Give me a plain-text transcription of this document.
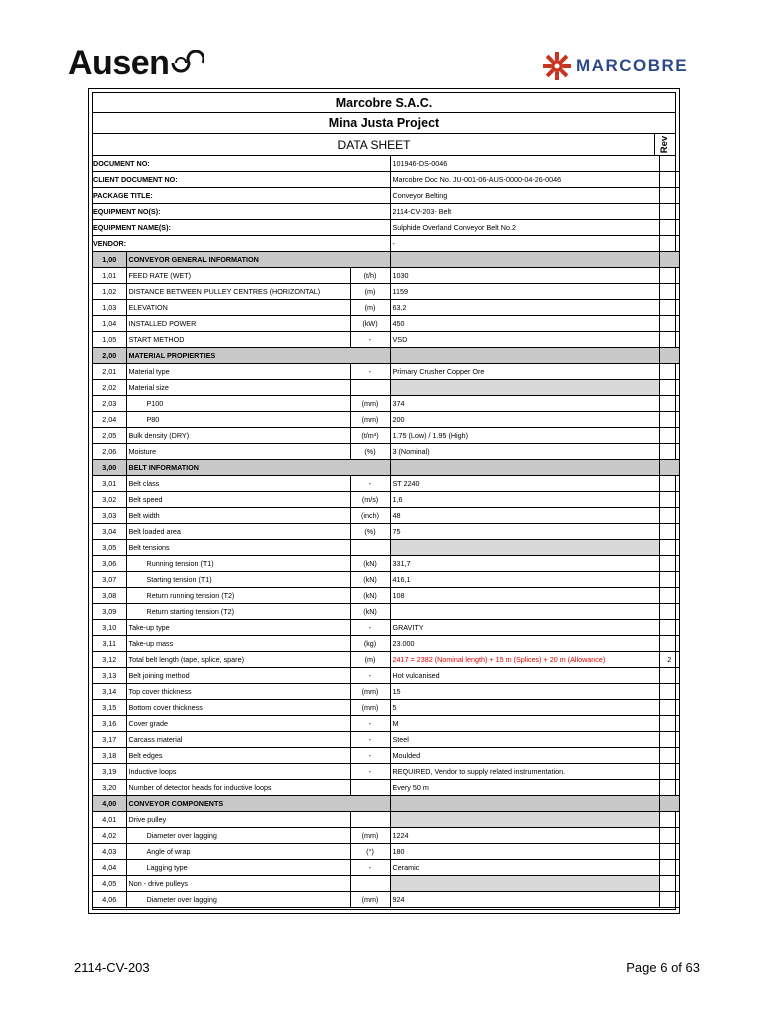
Ausen	MARCOBRE
Marcobre S.A.C.
Mina Justa Project
DATA SHEET	Rev
DOCUMENT NO:			101946-DS-0046	
CLIENT DOCUMENT NO:			Marcobre Doc No. JU-001-06-AUS-0000-04-26-0046	
PACKAGE TITLE:			Conveyor Belting	
EQUIPMENT NO(S):			2114-CV-203- Belt	
EQUIPMENT NAME(S):			Sulphide Overland Conveyor Belt No.2	
VENDOR:			-	
1,00	CONVEYOR GENERAL INFORMATION			
1,01	FEED RATE (WET)	(t/h)	1030	
1,02	DISTANCE BETWEEN PULLEY CENTRES (HORIZONTAL)	(m)	1159	
1,03	ELEVATION	(m)	63,2	
1,04	INSTALLED POWER	(kW)	450	
1,05	START METHOD	-	VSD	
2,00	MATERIAL PROPIERTIES			
2,01	Material type	-	Primary Crusher Copper Ore	
2,02	Material size			
2,03	P100	(mm)	374	
2,04	P80	(mm)	200	
2,05	Bulk density (DRY)	(t/m³)	1.75 (Low) / 1.95 (High)	
2,06	Moisture	(%)	3 (Nominal)	
3,00	BELT INFORMATION			
3,01	Belt class	-	ST 2240	
3,02	Belt speed	(m/s)	1,6	
3,03	Belt width	(inch)	48	
3,04	Belt loaded area	(%)	75	
3,05	Belt tensions			
3,06	Running tension (T1)	(kN)	331,7	
3,07	Starting tension (T1)	(kN)	416,1	
3,08	Return running tension (T2)	(kN)	108	
3,09	Return starting tension (T2)	(kN)		
3,10	Take-up type	-	GRAVITY	
3,11	Take-up mass	(kg)	23.000	
3,12	Total belt length (tape, splice, spare)	(m)	2417 = 2382 (Nominal length) + 15 m (Splices) + 20 m (Allowance)	2
3,13	Belt joining method	-	Hot vulcanised	
3,14	Top cover thickness	(mm)	15	
3,15	Bottom cover thickness	(mm)	5	
3,16	Cover grade	-	M	
3,17	Carcass material	-	Steel	
3,18	Belt edges	-	Moulded	
3,19	Inductive loops	-	REQUIRED, Vendor to supply related instrumentation.	
3,20	Number of detector heads for inductive loops		Every 50 m	
4,00	CONVEYOR COMPONENTS			
4,01	Drive pulley			
4,02	Diameter over lagging	(mm)	1224	
4,03	Angle of wrap	(°)	180	
4,04	Lagging type	-	Ceramic	
4,05	Non - drive pulleys			
4,06	Diameter over lagging	(mm)	924	
2114-CV-203	Page 6 of 63
